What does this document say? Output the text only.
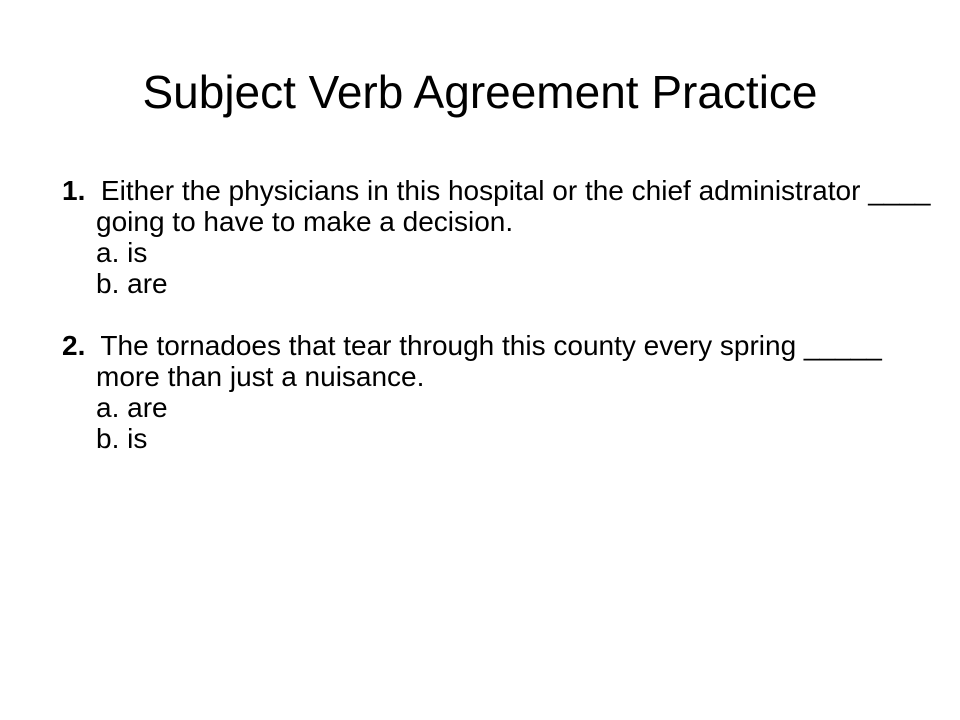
Subject Verb Agreement Practice
1. Either the physicians in this hospital or the chief administrator ____ going to have to make a decision.
a. is
b. are
2. The tornadoes that tear through this county every spring _____ more than just a nuisance.
a. are
b. is
